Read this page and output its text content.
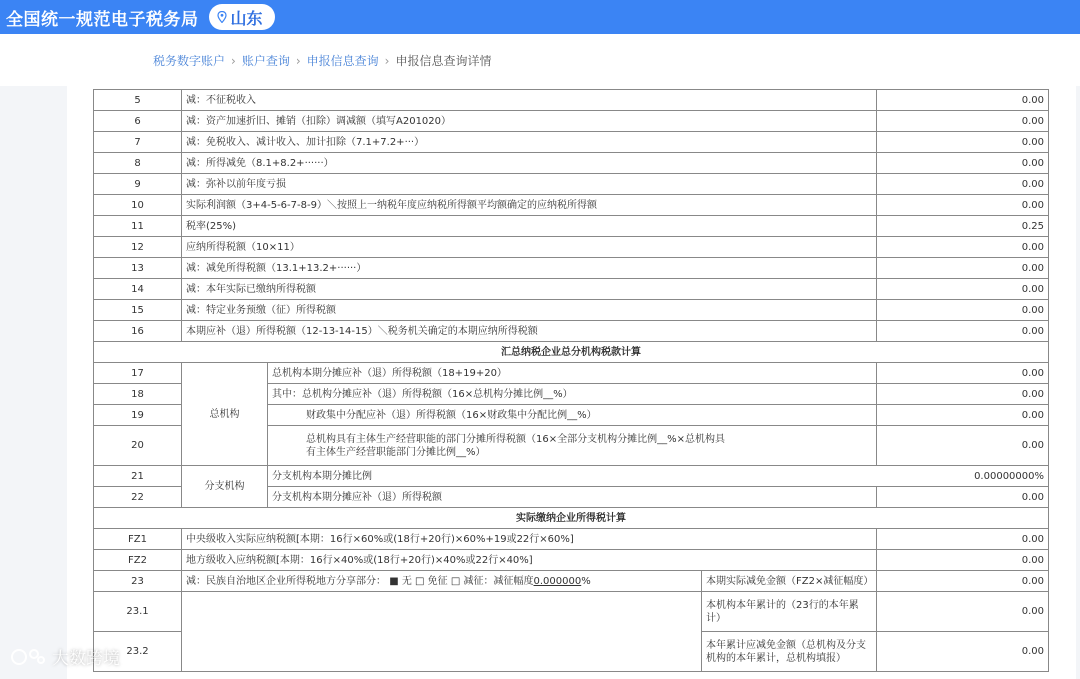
全国统一规范电子税务局 山东
税务数字账户 › 账户查询 › 申报信息查询 › 申报信息查询详情
5	减：不征税收入			0.00
6	减：资产加速折旧、摊销（扣除）调减额（填写A201020）			0.00
7	减：免税收入、减计收入、加计扣除（7.1+7.2+···）			0.00
8	减：所得减免（8.1+8.2+······）			0.00
9	减：弥补以前年度亏损			0.00
10	实际利润额（3+4-5-6-7-8-9）＼按照上一纳税年度应纳税所得额平均额确定的应纳税所得额			0.00
11	税率(25%)			0.25
12	应纳所得税额（10×11）			0.00
13	减：减免所得税额（13.1+13.2+······）			0.00
14	减：本年实际已缴纳所得税额			0.00
15	减：特定业务预缴（征）所得税额			0.00
16	本期应补（退）所得税额（12-13-14-15）＼税务机关确定的本期应纳所得税额			0.00
汇总纳税企业总分机构税款计算				
17	总机构	总机构本期分摊应补（退）所得税额（18+19+20）		0.00
18		其中：总机构分摊应补（退）所得税额（16×总机构分摊比例__%）		0.00
19		财政集中分配应补（退）所得税额（16×财政集中分配比例__%）		0.00
20		总机构具有主体生产经营职能的部门分摊所得税额（16×全部分支机构分摊比例__%×总机构具有主体生产经营职能部门分摊比例__%）		0.00
21	分支机构	分支机构本期分摊比例 0.00000000%		

22		分支机构本期分摊应补（退）所得税额		0.00
实际缴纳企业所得税计算				
FZ1	中央级收入实际应纳税额[本期：16行×60%或(18行+20行)×60%+19或22行×60%]			0.00
FZ2	地方级收入应纳税额[本期：16行×40%或(18行+20行)×40%或22行×40%]			0.00
23	减：民族自治地区企业所得税地方分享部分： ■ 无 □ 免征 □ 减征：减征幅度0.000000%		本期实际减免金额（FZ2×减征幅度）	0.00
23.1			本机构本年累计的（23行的本年累计）	0.00
23.2			本年累计应减免金额（总机构及分支机构的本年累计，总机构填报）	0.00
大数跨境
